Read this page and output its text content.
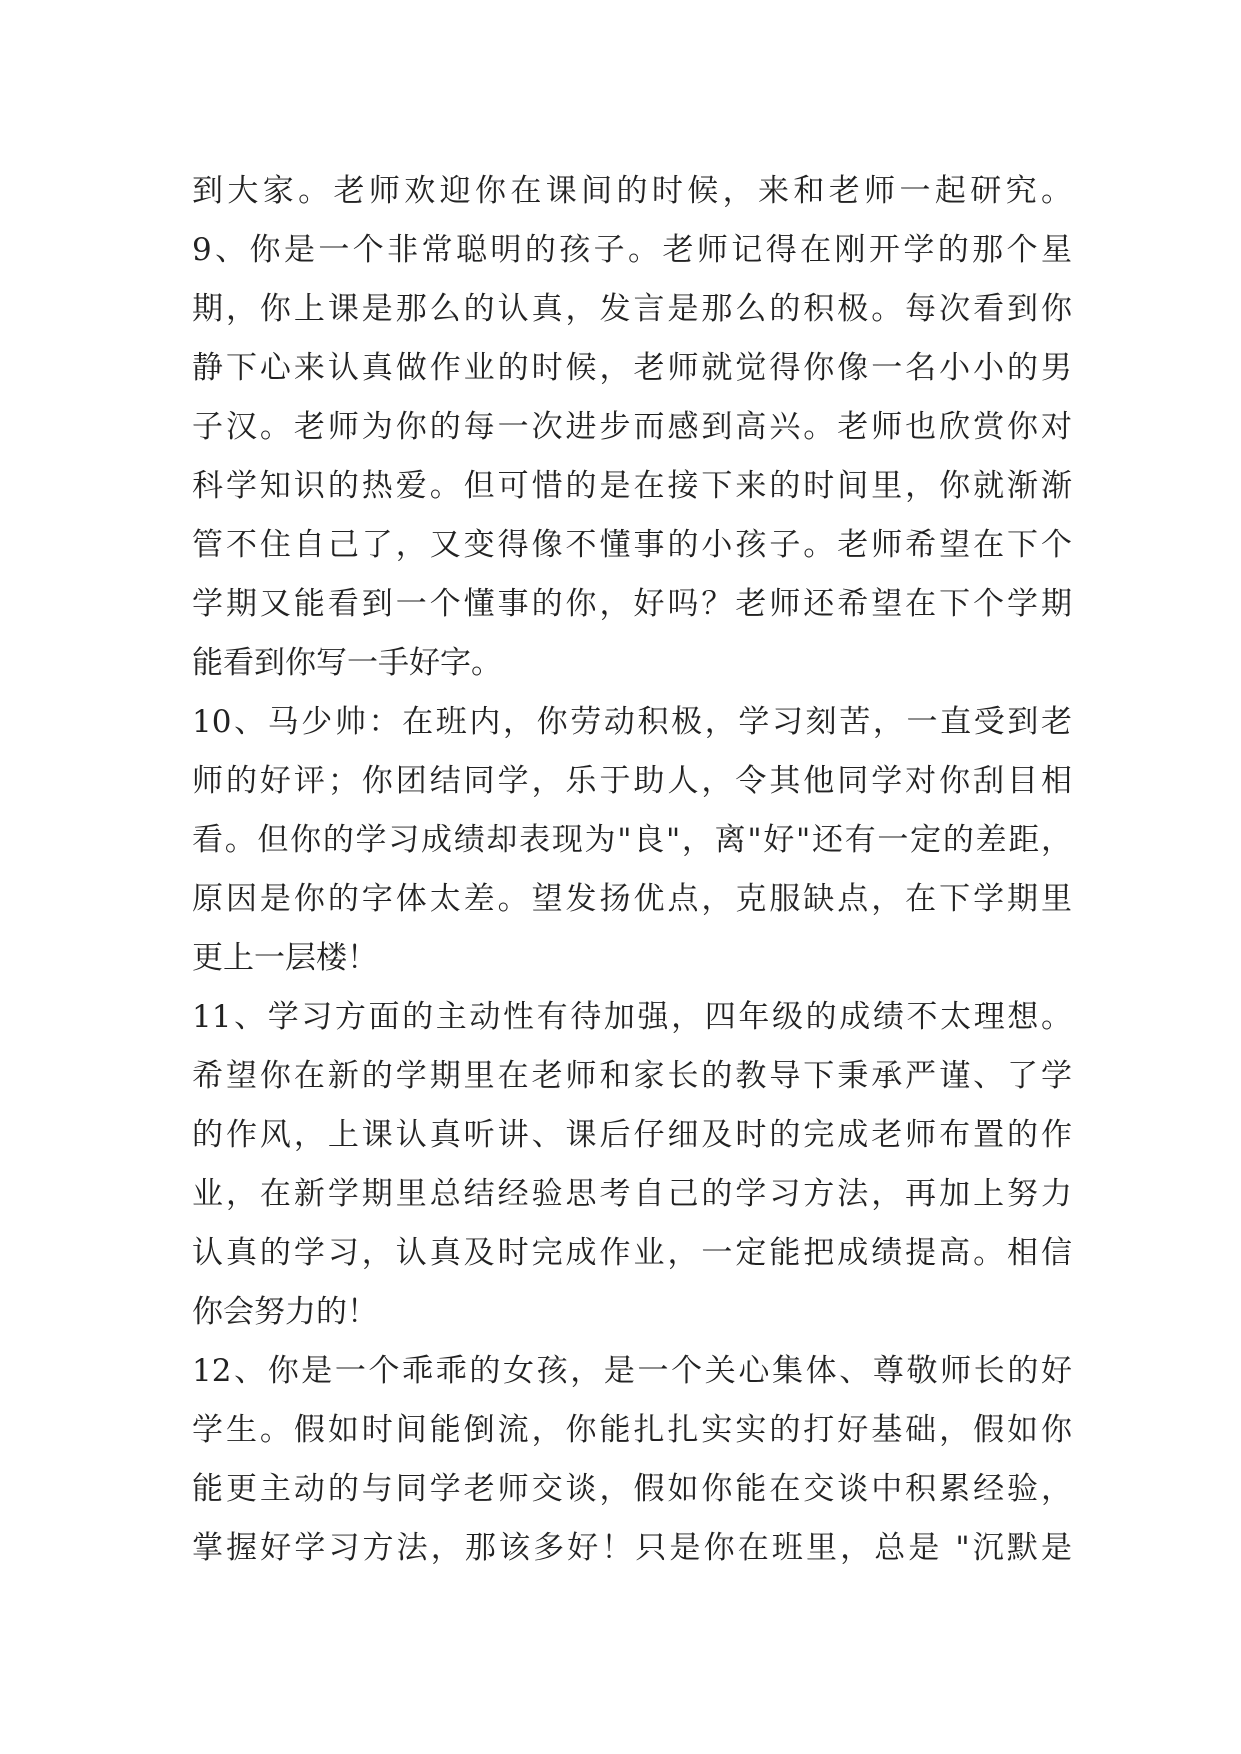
到大家。老师欢迎你在课间的时候，来和老师一起研究。
9、你是一个非常聪明的孩子。老师记得在刚开学的那个星
期，你上课是那么的认真，发言是那么的积极。每次看到你
静下心来认真做作业的时候，老师就觉得你像一名小小的男
子汉。老师为你的每一次进步而感到高兴。老师也欣赏你对
科学知识的热爱。但可惜的是在接下来的时间里，你就渐渐
管不住自己了，又变得像不懂事的小孩子。老师希望在下个
学期又能看到一个懂事的你，好吗？老师还希望在下个学期
能看到你写一手好字。
10、马少帅：在班内，你劳动积极，学习刻苦，一直受到老
师的好评；你团结同学，乐于助人，令其他同学对你刮目相
看。但你的学习成绩却表现为"良"，离"好"还有一定的差距，
原因是你的字体太差。望发扬优点，克服缺点，在下学期里
更上一层楼！
11、学习方面的主动性有待加强，四年级的成绩不太理想。
希望你在新的学期里在老师和家长的教导下秉承严谨、了学
的作风，上课认真听讲、课后仔细及时的完成老师布置的作
业，在新学期里总结经验思考自己的学习方法，再加上努力
认真的学习，认真及时完成作业，一定能把成绩提高。相信
你会努力的！
12、你是一个乖乖的女孩，是一个关心集体、尊敬师长的好
学生。假如时间能倒流，你能扎扎实实的打好基础，假如你
能更主动的与同学老师交谈，假如你能在交谈中积累经验，
掌握好学习方法，那该多好！只是你在班里，总是 "沉默是
